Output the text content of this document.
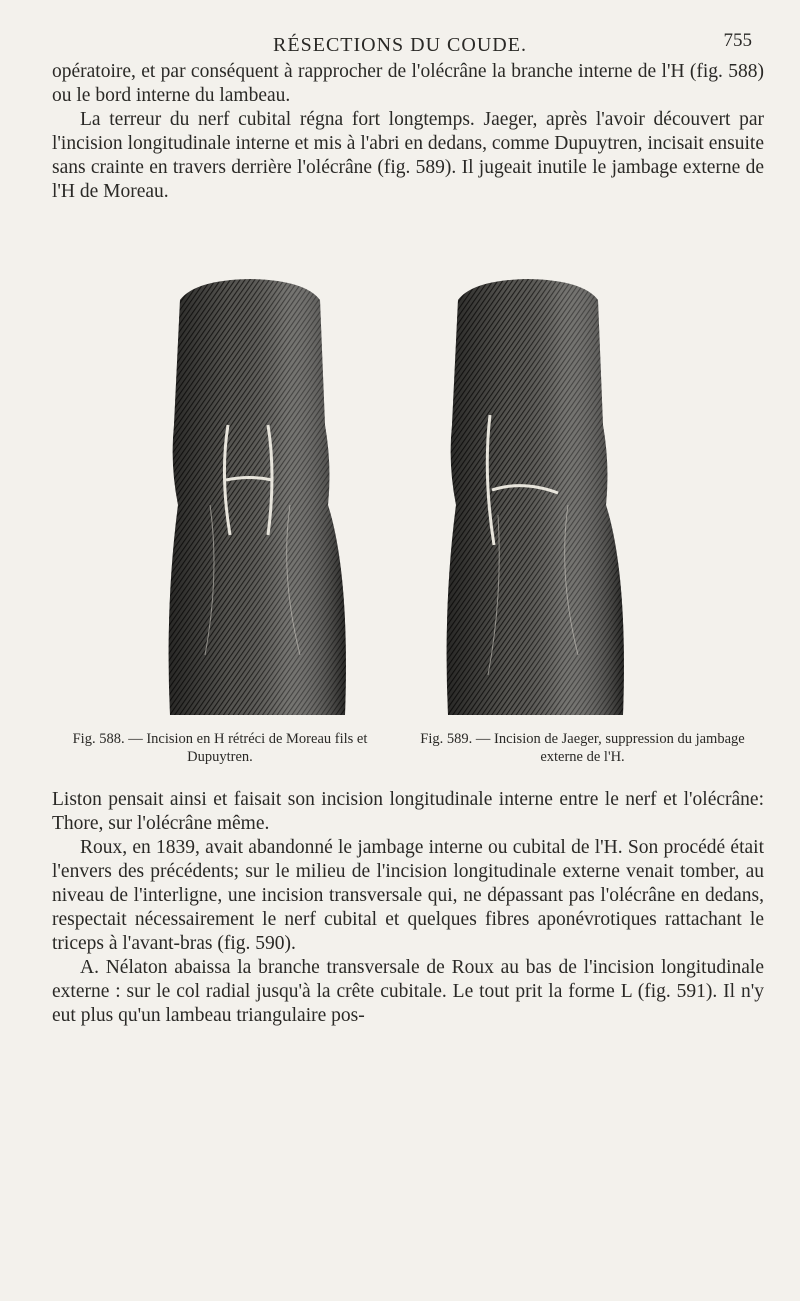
RÉSECTIONS DU COUDE.	755

opératoire, et par conséquent à rapprocher de l'olécrâne la branche interne de l'H (fig. 588) ou le bord interne du lambeau.

La terreur du nerf cubital régna fort longtemps. Jaeger, après l'avoir découvert par l'incision longitudinale interne et mis à l'abri en dedans, comme Dupuytren, incisait ensuite sans crainte en travers derrière l'olécrâne (fig. 589). Il jugeait inutile le jambage externe de l'H de Moreau.

Fig. 588. — Incision en H rétréci de Moreau fils et Dupuytren.
Fig. 589. — Incision de Jaeger, suppression du jambage externe de l'H.

Liston pensait ainsi et faisait son incision longitudinale interne entre le nerf et l'olécrâne: Thore, sur l'olécrâne même.

Roux, en 1839, avait abandonné le jambage interne ou cubital de l'H. Son procédé était l'envers des précédents; sur le milieu de l'incision longitudinale externe venait tomber, au niveau de l'interligne, une incision transversale qui, ne dépassant pas l'olécrâne en dedans, respectait nécessairement le nerf cubital et quelques fibres aponévrotiques rattachant le triceps à l'avant-bras (fig. 590).

A. Nélaton abaissa la branche transversale de Roux au bas de l'incision longitudinale externe : sur le col radial jusqu'à la crête cubitale. Le tout prit la forme L (fig. 591). Il n'y eut plus qu'un lambeau triangulaire pos-
